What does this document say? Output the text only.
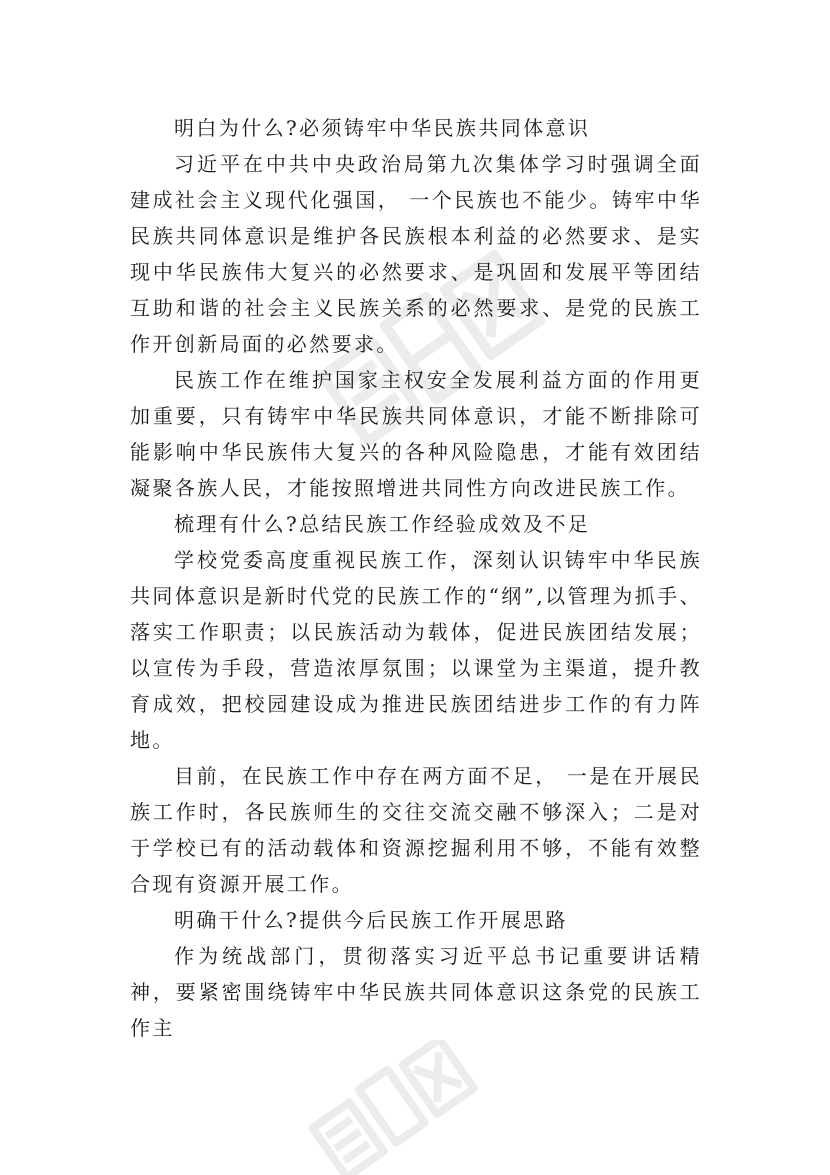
明白为什么?必须铸牢中华民族共同体意识

习近平在中共中央政治局第九次集体学习时强调全面建成社会主义现代化强国， 一个民族也不能少。铸牢中华民族共同体意识是维护各民族根本利益的必然要求、是实现中华民族伟大复兴的必然要求、是巩固和发展平等团结互助和谐的社会主义民族关系的必然要求、是党的民族工作开创新局面的必然要求。

民族工作在维护国家主权安全发展利益方面的作用更加重要，只有铸牢中华民族共同体意识，才能不断排除可能影响中华民族伟大复兴的各种风险隐患，才能有效团结凝聚各族人民，才能按照增进共同性方向改进民族工作。

梳理有什么?总结民族工作经验成效及不足

学校党委高度重视民族工作，深刻认识铸牢中华民族共同体意识是新时代党的民族工作的“纲”,以管理为抓手、落实工作职责；以民族活动为载体，促进民族团结发展；以宣传为手段，营造浓厚氛围；以课堂为主渠道，提升教育成效，把校园建设成为推进民族团结进步工作的有力阵地。

目前，在民族工作中存在两方面不足， 一是在开展民族工作时，各民族师生的交往交流交融不够深入；二是对于学校已有的活动载体和资源挖掘利用不够，不能有效整合现有资源开展工作。

明确干什么?提供今后民族工作开展思路

作为统战部门，贯彻落实习近平总书记重要讲话精神，要紧密围绕铸牢中华民族共同体意识这条党的民族工作主
